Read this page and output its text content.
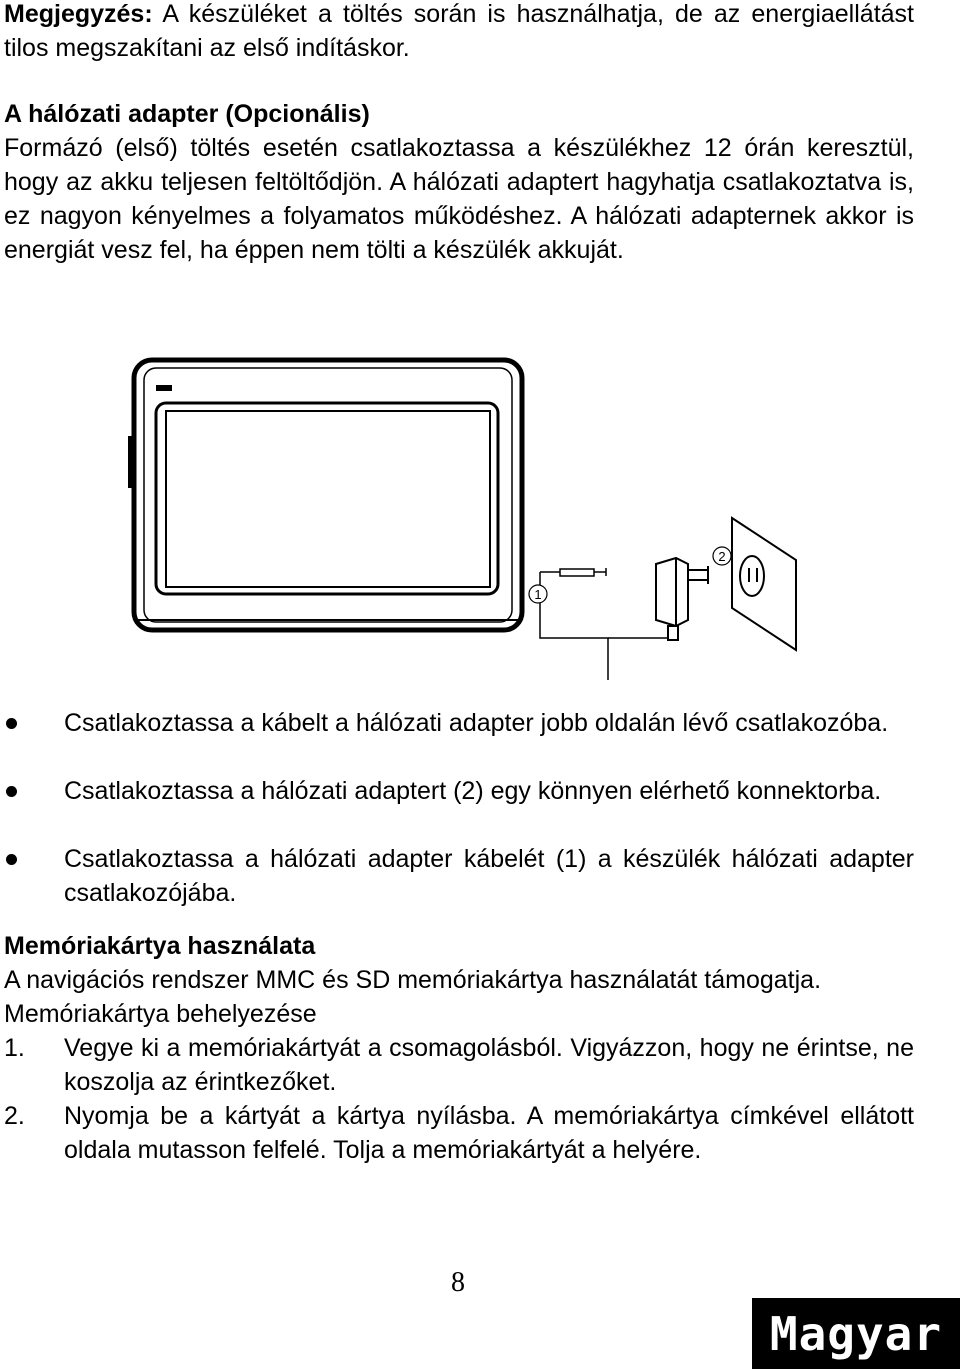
Megjegyzés: A készüléket a töltés során is használhatja, de az energiaellátást tilos megszakítani az első indításkor.
A hálózati adapter (Opcionális)
Formázó (első) töltés esetén csatlakoztassa a készülékhez 12 órán keresztül, hogy az akku teljesen feltöltődjön. A hálózati adaptert hagyhatja csatlakoztatva is, ez nagyon kényelmes a folyamatos működéshez. A hálózati adapternek akkor is energiát vesz fel, ha éppen nem tölti a készülék akkuját.
1
2
Csatlakoztassa a kábelt a hálózati adapter jobb oldalán lévő csatlakozóba.
Csatlakoztassa a hálózati adaptert (2) egy könnyen elérhető konnektorba.
Csatlakoztassa a hálózati adapter kábelét (1) a készülék hálózati adapter csatlakozójába.
Memóriakártya használata
A navigációs rendszer MMC és SD memóriakártya használatát támogatja.
Memóriakártya behelyezése
1.	Vegye ki a memóriakártyát a csomagolásból. Vigyázzon, hogy ne érintse, ne koszolja az érintkezőket.
2.	Nyomja be a kártyát a kártya nyílásba. A memóriakártya címkével ellátott oldala mutasson felfelé. Tolja a memóriakártyát a helyére.
8
Magyar
